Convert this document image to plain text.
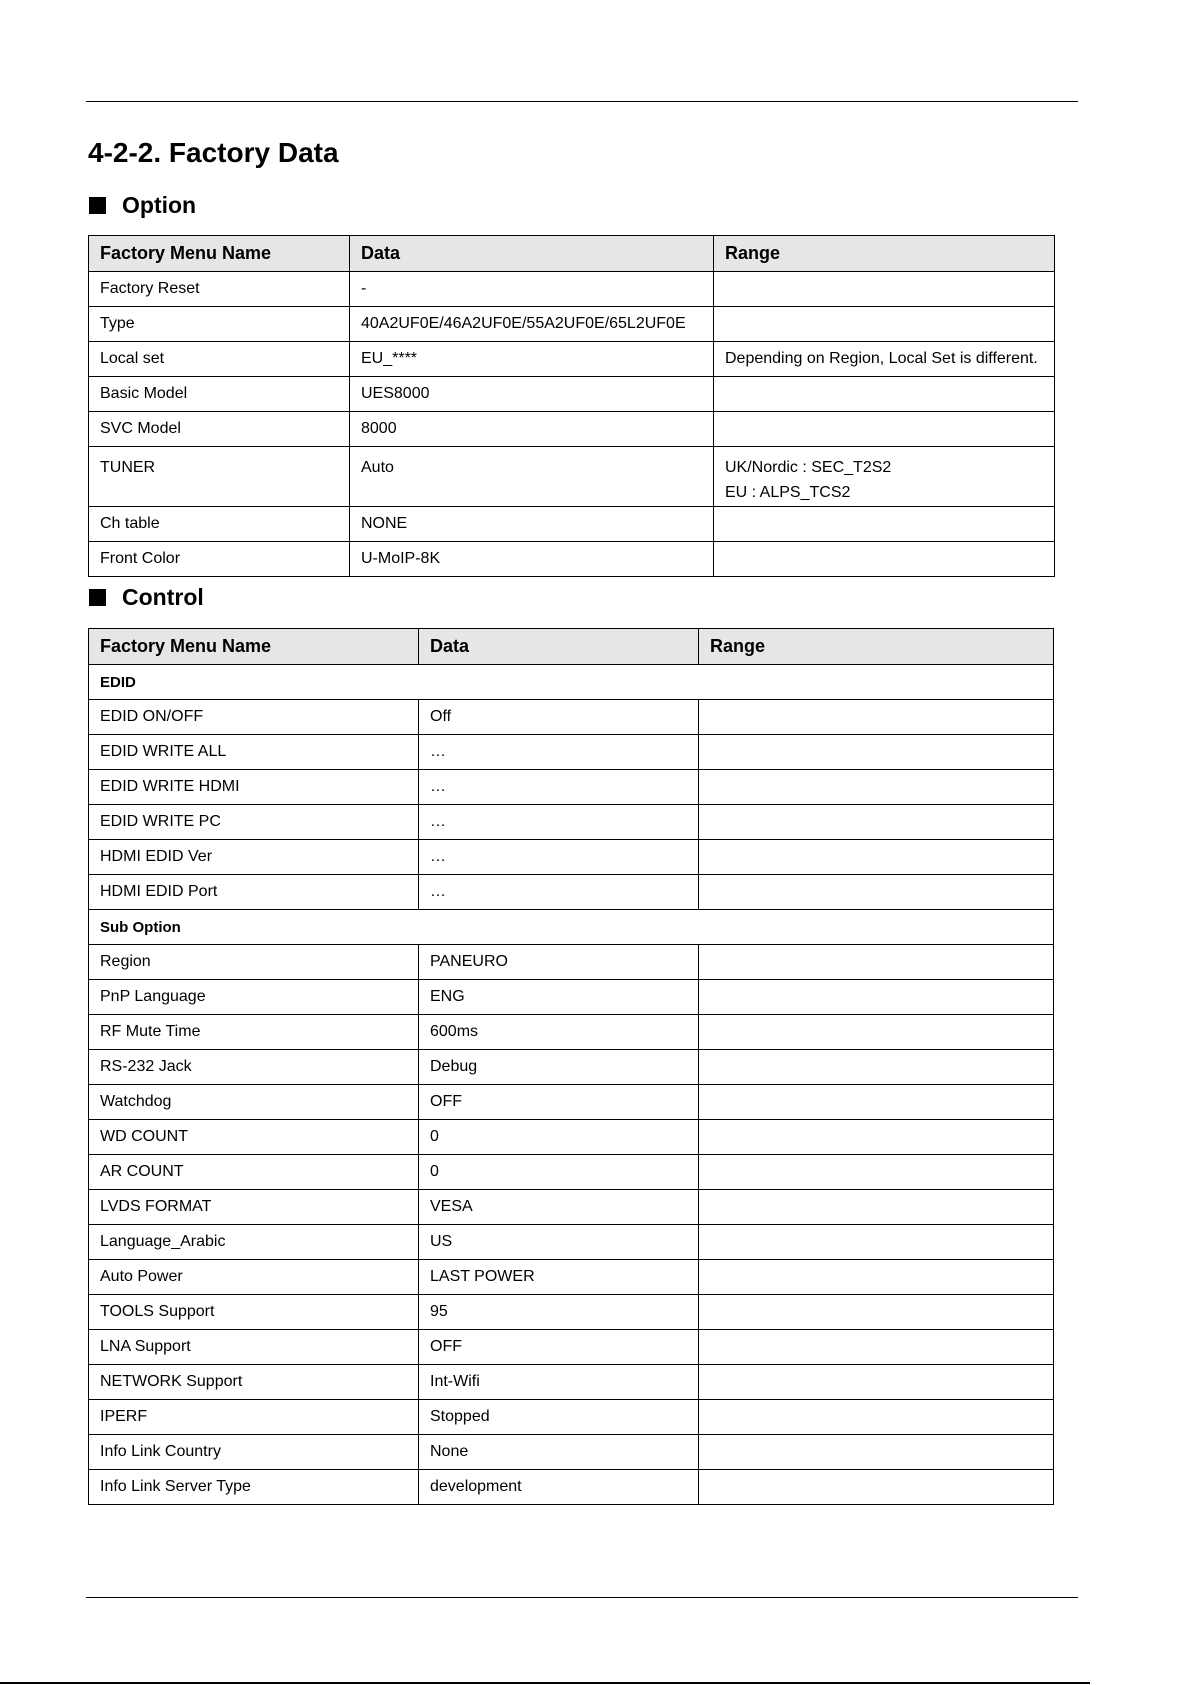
4-2-2. Factory Data
Option
Factory Menu Name	Data	Range
Factory Reset	-	
Type	40A2UF0E/46A2UF0E/55A2UF0E/65L2UF0E	
Local set	EU_****	Depending on Region, Local Set is different.
Basic Model	UES8000	
SVC Model	8000	

TUNER	Auto	UK/Nordic : SEC_T2S2
EU : ALPS_TCS2

Ch table	NONE	
Front Color	U-MoIP-8K	
Control
Factory Menu Name	Data	Range
EDID		
EDID ON/OFF	Off	
EDID WRITE ALL	…	
EDID WRITE HDMI	…	
EDID WRITE PC	…	
HDMI EDID Ver	…	
HDMI EDID Port	…	
Sub Option		
Region	PANEURO	
PnP Language	ENG	
RF Mute Time	600ms	
RS-232 Jack	Debug	
Watchdog	OFF	
WD COUNT	0	
AR COUNT	0	
LVDS FORMAT	VESA	
Language_Arabic	US	
Auto Power	LAST POWER	
TOOLS Support	95	
LNA Support	OFF	
NETWORK Support	Int-Wifi	
IPERF	Stopped	
Info Link Country	None	
Info Link Server Type	development	
